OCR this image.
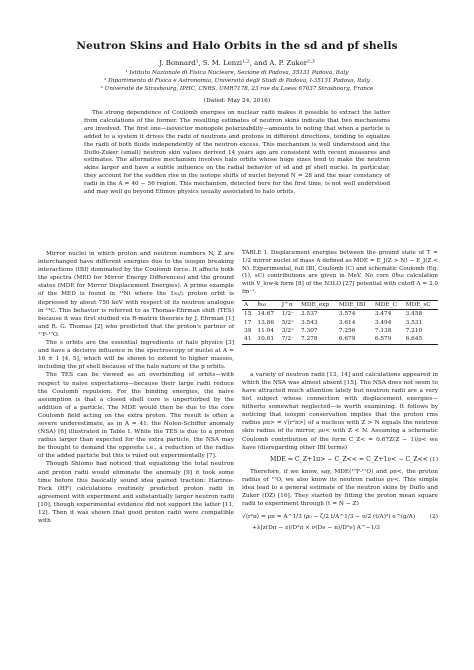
Neutron Skins and Halo Orbits in the sd and pf shells
J. Bonnard¹, S. M. Lenzi¹·², and A. P. Zuker²·³
¹ Istituto Nazionale di Fisica Nucleare, Sezione di Padova, 35131 Padova, Italy
² Dipartimento di Fisica e Astronomia, Università degli Studi di Padova, I-35131 Padova, Italy
³ Université de Strasbourg, IPHC, CNRS, UMR7178, 23 rue du Loess 67037 Strasbourg, France
(Dated: May 24, 2016)
The strong dependence of Coulomb energies on nuclear radii makes it possible to extract the latter from calculations of the former. The resulting estimates of neutron skins indicate that two mechanisms are involved. The first one—isovector monopole polarizability—amounts to noting that when a particle is added to a system it drives the radii of neutrons and protons in different directions, tending to equalize the radii of both fluids independently of the neutron excess. This mechanism is well understood and the Duflo-Zuker (small) neutron skin values derived 14 years ago are consistent with recent measures and estimates. The alternative mechanism involves halo orbits whose huge sizes tend to make the neutron skins larger and have a subtle influence on the radial behavior of sd and pf shell nuclei. In particular, they account for the sudden rise in the isotope shifts of nuclei beyond N = 28 and the near constancy of radii in the A = 40 − 56 region. This mechanism, detected here for the first time, is not well understood and may well go beyond Efimov physics usually associated to halo orbits.

Mirror nuclei in which proton and neutron numbers N, Z are interchanged have different energies due to the isospin breaking interactions (IBI) dominated by the Coulomb force. It affects both the spectra (MED for Mirror Energy Differences) and the ground states (MDE for Mirror Displacement Energies). A prime example of the MED is found in ¹³Ni where the 1s₁/₂ proton orbit is depressed by about 750 keV with respect of its neutron analogue in ¹³C. This behavior is referred to as Thomas-Ehrman shift (TES) because it was first studied via R-matrix theories by J. Ehrman [1] and R. G. Thomas [2] who predicted that the proton's partner of ¹⁷F-¹⁷O.

The s orbits are the essential ingredients of halo physics [3] and have a decisive influence in the spectroscopy of nuclei at A = 16 ± 1 [4, 5], which will be shown to extend to higher masses, including the pf shell because of the halo nature of the p orbits.

The TES can be viewed as an overbinding of orbits—with respect to naive expectations—because their large radii reduce the Coulomb repulsion. For the binding energies, the naive assumption is that a closed shell core is unperturbed by the addition of a particle. The MDE would then be due to the core Coulomb field acting on the extra proton. The result is often a severe underestimate, as in A = 41: the Nolen-Schiffer anomaly (NSA) [6] illustrated in Table I. While the TES is due to a proton radius larger than expected for the extra particle, the NSA may be thought to demand the opposite i.e., a reduction of the radius of the added particle but this is ruled out experimentally [7].

Though Shlomo had noticed that equalizing the total neutron and proton radii would eliminate the anomaly [9] it took some time before this basically sound idea gained traction: Hartree-Fock (HF) calculations routinely predicted proton radii in agreement with experiment and substantially larger neutron radii [10], though experimental evidence did not support the latter [11, 12]. Then it was shown that good proton radii were compatible with

TABLE I. Displacement energies between the ground state of T = 1/2 mirror nuclei of mass A defined as MDE = E_J(Z > N) − E_J(Z < N). Experimental, full IBI, Coulomb (C) and schematic Coulomb (Eq. (1), sC) contributions are given in MeV. No core 0ℏω calculation with V_low-k form [8] of the N3LO [27] potential with cutoff Λ = 2.0 fm⁻¹.
A	ℏω	J^π	MDE_exp	MDE_IBI	MDE_C	MDE_sC
15	14.67	1/2⁻	3.537	3.574	3.474	3.458
17	13.86	5/2⁺	3.543	3.614	3.494	3.531
39	11.04	3/2⁺	7.307	7.256	7.138	7.210
41	10.61	7/2⁻	7.278	6.679	6.579	6.645

a variety of neutron radii [13, 14] and calculations appeared in which the NSA was almost absent [15]. The NSA does not seem to have attracted much attention lately but neutron radii are a very hot subject whose connection with displacement energies—hitherto somewhat neglected—is worth examining. It follows by noticing that isospin conservation implies that the proton rms radius ρπ> = √⟨r²π>⟩ of a nucleus with Z > N equals the neutron skin radius of its mirror, ρν< with Z < N. Assuming a schematic Coulomb contribution of the form C_Z< = 0.67Z(Z − 1)/ρ< we have (disregarding other IBI terms)

MDE = C_Z+1π> − C_Z<< = C_Z+1ν< − C_Z<< (1)

Therefore, if we know, say, MDE(¹⁷F-¹⁷O) and ρπ<, the proton radius of ¹⁷O, we also know its neutron radius ρν<. This simple idea lead to a general estimate of the neutron skins by Duflo and Zuker (DZ) [16]. They started by fitting the proton mean square radii to experiment through (t = N − Z)

√⟨r²π⟩ = ρπ = A^1/3 (ρ₀ − ζ/2 t/A^1/3 − υ/2 (t/A)²) e^(g/A)	(2)
+λ[z(Dπ − z)/D²π × ν(Dν − n)/D²ν] A^−1/3
